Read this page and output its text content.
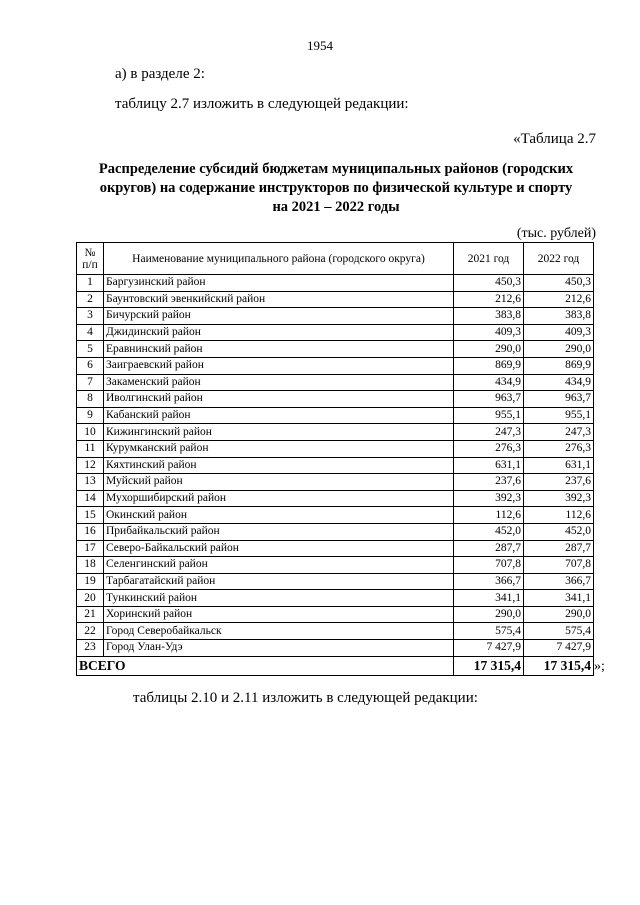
1954
а) в разделе 2:
таблицу 2.7 изложить в следующей редакции:
«Таблица 2.7
Распределение субсидий бюджетам муниципальных районов (городских
округов) на содержание инструкторов по физической культуре и спорту
на 2021 – 2022 годы
(тыс. рублей)
№
п/п	Наименование муниципального района (городского округа)	2021 год	2022 год
1	Баргузинский район	450,3	450,3
2	Баунтовский эвенкийский район	212,6	212,6
3	Бичурский район	383,8	383,8
4	Джидинский район	409,3	409,3
5	Еравнинский район	290,0	290,0
6	Заиграевский район	869,9	869,9
7	Закаменский район	434,9	434,9
8	Иволгинский район	963,7	963,7
9	Кабанский район	955,1	955,1
10	Кижингинский район	247,3	247,3
11	Курумканский район	276,3	276,3
12	Кяхтинский район	631,1	631,1
13	Муйский район	237,6	237,6
14	Мухоршибирский район	392,3	392,3
15	Окинский район	112,6	112,6
16	Прибайкальский район	452,0	452,0
17	Северо-Байкальский район	287,7	287,7
18	Селенгинский район	707,8	707,8
19	Тарбагатайский район	366,7	366,7
20	Тункинский район	341,1	341,1
21	Хоринский район	290,0	290,0
22	Город Северобайкальск	575,4	575,4
23	Город Улан-Удэ	7 427,9	7 427,9
ВСЕГО		17 315,4	17 315,4 »;
таблицы 2.10 и 2.11 изложить в следующей редакции:
